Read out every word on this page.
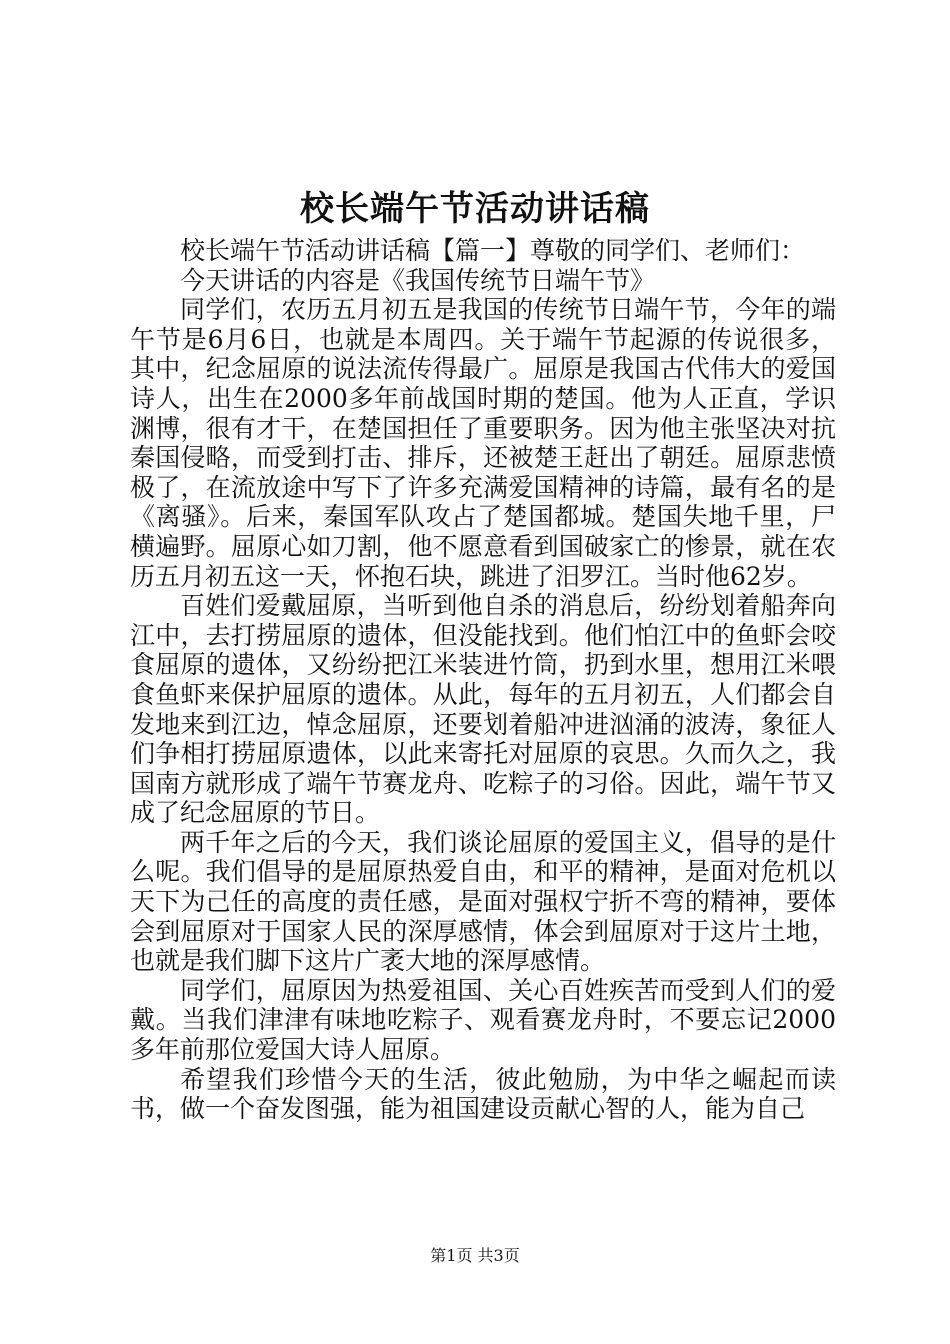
校长端午节活动讲话稿

校长端午节活动讲话稿【篇一】尊敬的同学们、老师们：

今天讲话的内容是《我国传统节日端午节》

同学们，农历五月初五是我国的传统节日端午节，今年的端午节是6月6日，也就是本周四。关于端午节起源的传说很多，其中，纪念屈原的说法流传得最广。屈原是我国古代伟大的爱国诗人，出生在2000多年前战国时期的楚国。他为人正直，学识渊博，很有才干，在楚国担任了重要职务。因为他主张坚决对抗秦国侵略，而受到打击、排斥，还被楚王赶出了朝廷。屈原悲愤极了，在流放途中写下了许多充满爱国精神的诗篇，最有名的是《离骚》。后来，秦国军队攻占了楚国都城。楚国失地千里，尸横遍野。屈原心如刀割，他不愿意看到国破家亡的惨景，就在农历五月初五这一天，怀抱石块，跳进了汨罗江。当时他62岁。

百姓们爱戴屈原，当听到他自杀的消息后，纷纷划着船奔向江中，去打捞屈原的遗体，但没能找到。他们怕江中的鱼虾会咬食屈原的遗体，又纷纷把江米装进竹筒，扔到水里，想用江米喂食鱼虾来保护屈原的遗体。从此，每年的五月初五，人们都会自发地来到江边，悼念屈原，还要划着船冲进汹涌的波涛，象征人们争相打捞屈原遗体，以此来寄托对屈原的哀思。久而久之，我国南方就形成了端午节赛龙舟、吃粽子的习俗。因此，端午节又成了纪念屈原的节日。

两千年之后的今天，我们谈论屈原的爱国主义，倡导的是什么呢。我们倡导的是屈原热爱自由，和平的精神，是面对危机以天下为己任的高度的责任感，是面对强权宁折不弯的精神，要体会到屈原对于国家人民的深厚感情，体会到屈原对于这片土地，也就是我们脚下这片广袤大地的深厚感情。

同学们，屈原因为热爱祖国、关心百姓疾苦而受到人们的爱戴。当我们津津有味地吃粽子、观看赛龙舟时，不要忘记2000多年前那位爱国大诗人屈原。

希望我们珍惜今天的生活，彼此勉励，为中华之崛起而读书，做一个奋发图强，能为祖国建设贡献心智的人，能为自己

第1页 共3页
